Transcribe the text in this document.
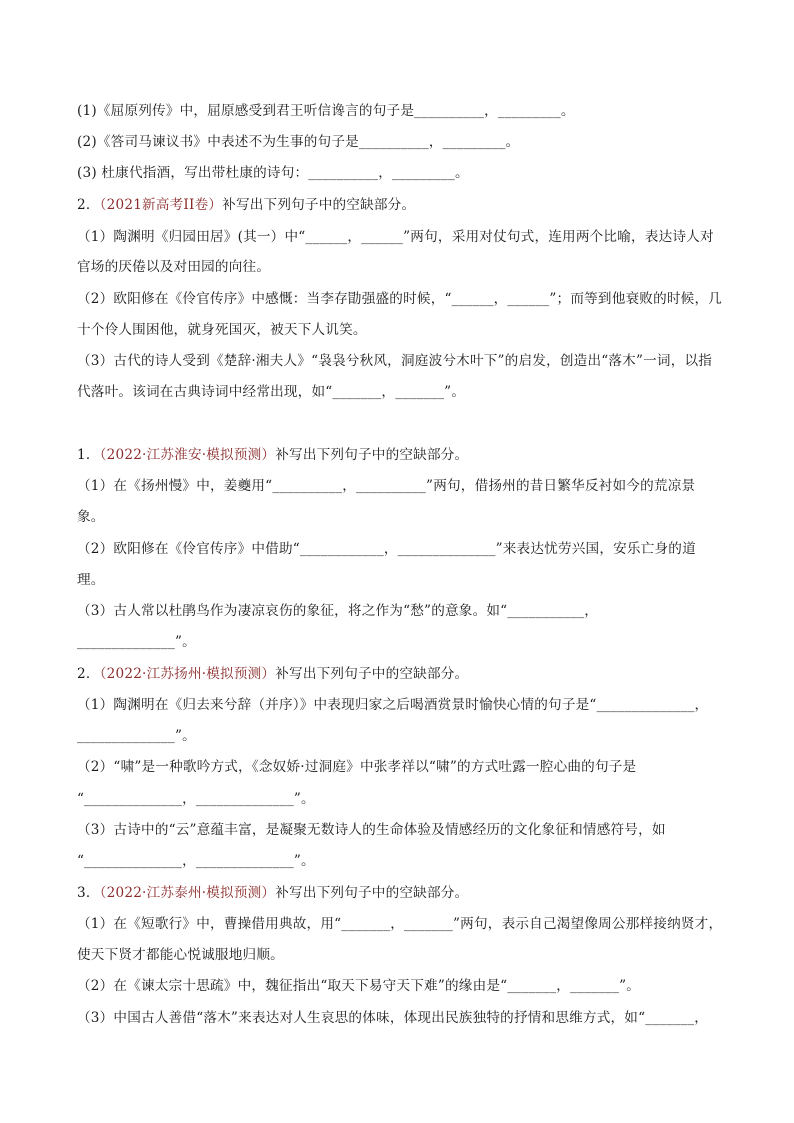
(1)《屈原列传》中，屈原感受到君王听信谗言的句子是__________，_________。
(2)《答司马谏议书》中表述不为生事的句子是__________，_________。
(3) 杜康代指酒，写出带杜康的诗句：__________，_________。
2．（2021新高考II卷）补写出下列句子中的空缺部分。
（1）陶渊明《归园田居》(其一）中“______，______”两句，采用对仗句式，连用两个比喻，表达诗人对
官场的厌倦以及对田园的向往。
（2）欧阳修在《伶官传序》中感慨：当李存勖强盛的时候，“______，______”；而等到他衰败的时候，几
十个伶人围困他，就身死国灭，被天下人讥笑。
（3）古代的诗人受到《楚辞·湘夫人》“袅袅兮秋风，洞庭波兮木叶下”的启发，创造出“落木”一词，以指
代落叶。该词在古典诗词中经常出现，如“_______，_______”。
1．（2022·江苏淮安·模拟预测）补写出下列句子中的空缺部分。
（1）在《扬州慢》中，姜夔用“__________，__________”两句，借扬州的昔日繁华反衬如今的荒凉景
象。
（2）欧阳修在《伶官传序》中借助“____________，______________”来表达忧劳兴国，安乐亡身的道
理。
（3）古人常以杜鹃鸟作为凄凉哀伤的象征，将之作为“愁”的意象。如“___________，
______________”。
2．（2022·江苏扬州·模拟预测）补写出下列句子中的空缺部分。
（1）陶渊明在《归去来兮辞（并序）》中表现归家之后喝酒赏景时愉快心情的句子是“______________，
______________”。
（2）“啸”是一种歌吟方式，《念奴娇·过洞庭》中张孝祥以“啸”的方式吐露一腔心曲的句子是
“______________，______________”。
（3）古诗中的“云”意蕴丰富，是凝聚无数诗人的生命体验及情感经历的文化象征和情感符号，如
“______________，______________”。
3．（2022·江苏泰州·模拟预测）补写出下列句子中的空缺部分。
（1）在《短歌行》中，曹操借用典故，用“_______，_______”两句，表示自己渴望像周公那样接纳贤才，
使天下贤才都能心悦诚服地归顺。
（2）在《谏太宗十思疏》中，魏征指出“取天下易守天下难”的缘由是“_______，_______”。
（3）中国古人善借“落木”来表达对人生哀思的体味，体现出民族独特的抒情和思维方式，如“_______，
